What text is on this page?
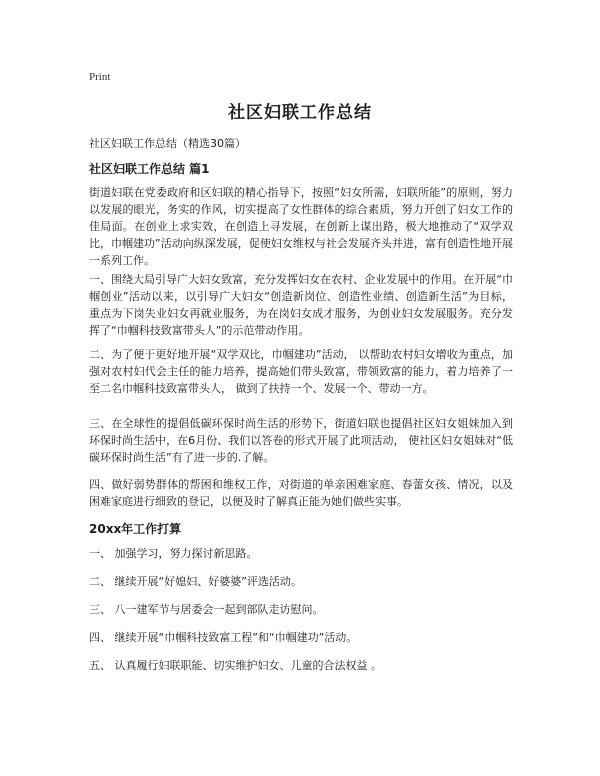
Print
社区妇联工作总结
社区妇联工作总结（精选30篇）
社区妇联工作总结 篇1
街道妇联在党委政府和区妇联的精心指导下，按照“妇女所需，妇联所能”的原则，努力以发展的眼光，务实的作风，切实提高了女性群体的综合素质，努力开创了妇女工作的佳局面。在创业上求实效，在创造上寻发展，在创新上谋出路，极大地推动了“双学双比，巾帼建功”活动向纵深发展，促使妇女维权与社会发展齐头并进，富有创造性地开展一系列工作。
一、围绕大局引导广大妇女致富，充分发挥妇女在农村、企业发展中的作用。在开展“巾帼创业”活动以来，以引导广大妇女“创造新岗位、创造性业绩、创造新生活”为目标，重点为下岗失业妇女再就业服务，为在岗妇女成才服务，为创业妇女发展服务。充分发挥了“巾帼科技致富带头人”的示范带动作用。
二、为了便于更好地开展“双学双比，巾帼建功”活动， 以帮助农村妇女增收为重点，加强对农村妇代会主任的能力培养，提高她们带头致富，带领致富的能力，着力培养了一至二名巾帼科技致富带头人， 做到了扶持一个、发展一个、带动一方。
三、在全球性的提倡低碳环保时尚生活的形势下，街道妇联也提倡社区妇女姐妹加入到环保时尚生活中，在6月份、我们以答卷的形式开展了此项活动， 使社区妇女姐妹对“低碳环保时尚生活”有了进一步的.了解。
四、做好弱势群体的帮困和维权工作，对街道的单亲困难家庭、春蕾女孩、情况，以及困难家庭进行细致的登记，以便及时了解真正能为她们做些实事。
20xx年工作打算
一、 加强学习，努力探讨新思路。
二、 继续开展“好媳妇、好婆婆”评选活动。
三、 八一建军节与居委会一起到部队走访慰问。
四、 继续开展“巾帼科技致富工程”和“巾帼建功”活动。
五、 认真履行妇联职能、切实维护妇女、儿童的合法权益 。
